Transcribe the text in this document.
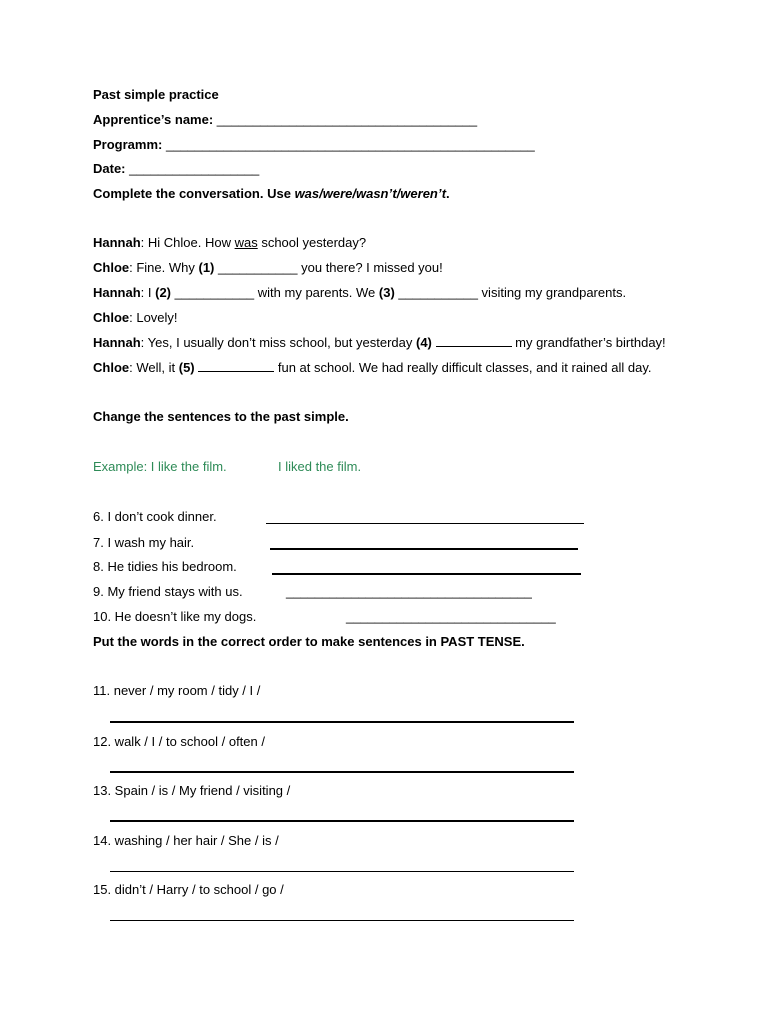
Past simple practice
Apprentice’s name: ____________________________________
Programm: ___________________________________________________
Date: __________________
Complete the conversation. Use was/were/wasn’t/weren’t.
Hannah: Hi Chloe. How was school yesterday?
Chloe: Fine. Why (1) ___________ you there? I missed you!
Hannah: I (2) ___________ with my parents. We (3) ___________ visiting my grandparents.
Chloe: Lovely!
Hannah: Yes, I usually don’t miss school, but yesterday (4)	my grandfather’s birthday!
Chloe: Well, it (5)	fun at school. We had really difficult classes, and it rained all day.
Change the sentences to the past simple.
Example: I like the film.	I liked the film.
6. I don’t cook dinner.
7. I wash my hair.
8. He tidies his bedroom.
9. My friend stays with us.	__________________________________
10. He doesn’t like my dogs.	_____________________________
Put the words in the correct order to make sentences in PAST TENSE.
11. never / my room / tidy / I /
12. walk / I / to school / often /
13. Spain / is / My friend / visiting /
14. washing / her hair / She / is /
15. didn’t / Harry / to school / go /
